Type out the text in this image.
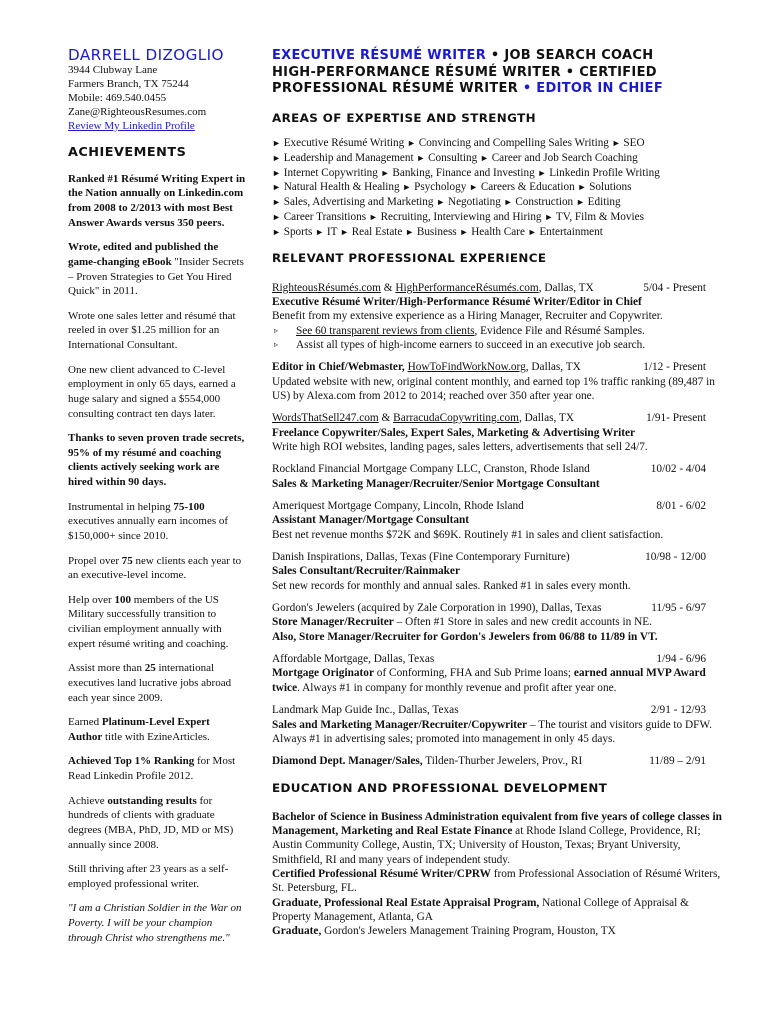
DARRELL DIZOGLIO
3944 Clubway Lane
Farmers Branch, TX 75244
Mobile: 469.540.0455
Zane@RighteousResumes.com
Review My Linkedin Profile
ACHIEVEMENTS

Ranked #1 Résumé Writing Expert in the Nation annually on Linkedin.com from 2008 to 2/2013 with most Best Answer Awards versus 350 peers.

Wrote, edited and published the game-changing eBook "Insider Secrets – Proven Strategies to Get You Hired Quick" in 2011.

Wrote one sales letter and résumé that reeled in over $1.25 million for an International Consultant.

One new client advanced to C-level employment in only 65 days, earned a huge salary and signed a $554,000 consulting contract ten days later.

Thanks to seven proven trade secrets, 95% of my résumé and coaching clients actively seeking work are hired within 90 days.

Instrumental in helping 75-100 executives annually earn incomes of $150,000+ since 2010.

Propel over 75 new clients each year to an executive-level income.

Help over 100 members of the US Military successfully transition to civilian employment annually with expert résumé writing and coaching.

Assist more than 25 international executives land lucrative jobs abroad each year since 2009.

Earned Platinum-Level Expert Author title with EzineArticles.

Achieved Top 1% Ranking for Most Read Linkedin Profile 2012.

Achieve outstanding results for hundreds of clients with graduate degrees (MBA, PhD, JD, MD or MS) annually since 2008.

Still thriving after 23 years as a self-employed professional writer.

"I am a Christian Soldier in the War on Poverty. I will be your champion through Christ who strengthens me."

EXECUTIVE RÉSUMÉ WRITER • JOB SEARCH COACH
HIGH-PERFORMANCE RÉSUMÉ WRITER • CERTIFIED
PROFESSIONAL RÉSUMÉ WRITER • EDITOR IN CHIEF
AREAS OF EXPERTISE AND STRENGTH
► Executive Résumé Writing ► Convincing and Compelling Sales Writing ► SEO
► Leadership and Management ► Consulting ► Career and Job Search Coaching
► Internet Copywriting ► Banking, Finance and Investing ► Linkedin Profile Writing
► Natural Health & Healing ► Psychology ► Careers & Education ► Solutions
► Sales, Advertising and Marketing ► Negotiating ► Construction ► Editing
► Career Transitions ► Recruiting, Interviewing and Hiring ► TV, Film & Movies
► Sports ► IT ► Real Estate ► Business ► Health Care ► Entertainment
RELEVANT PROFESSIONAL EXPERIENCE
RighteousRésumés.com & HighPerformanceRésumés.com, Dallas, TX	5/04 - Present
Executive Résumé Writer/High-Performance Résumé Writer/Editor in Chief
Benefit from my extensive experience as a Hiring Manager, Recruiter and Copywriter.
▹	See 60 transparent reviews from clients, Evidence File and Résumé Samples.
▹	Assist all types of high-income earners to succeed in an executive job search.
Editor in Chief/Webmaster, HowToFindWorkNow.org, Dallas, TX	1/12 - Present
Updated website with new, original content monthly, and earned top 1% traffic ranking (89,487 in US) by Alexa.com from 2012 to 2014; reached over 350 after year one.
WordsThatSell247.com & BarracudaCopywriting.com, Dallas, TX	1/91- Present
Freelance Copywriter/Sales, Expert Sales, Marketing & Advertising Writer
Write high ROI websites, landing pages, sales letters, advertisements that sell 24/7.
Rockland Financial Mortgage Company LLC, Cranston, Rhode Island	10/02 - 4/04
Sales & Marketing Manager/Recruiter/Senior Mortgage Consultant
Ameriquest Mortgage Company, Lincoln, Rhode Island	8/01 - 6/02
Assistant Manager/Mortgage Consultant
Best net revenue months $72K and $69K. Routinely #1 in sales and client satisfaction.
Danish Inspirations, Dallas, Texas (Fine Contemporary Furniture)	10/98 - 12/00
Sales Consultant/Recruiter/Rainmaker
Set new records for monthly and annual sales. Ranked #1 in sales every month.
Gordon's Jewelers (acquired by Zale Corporation in 1990), Dallas, Texas	11/95 - 6/97
Store Manager/Recruiter – Often #1 Store in sales and new credit accounts in NE.
Also, Store Manager/Recruiter for Gordon's Jewelers from 06/88 to 11/89 in VT.
Affordable Mortgage, Dallas, Texas	1/94 - 6/96
Mortgage Originator of Conforming, FHA and Sub Prime loans; earned annual MVP Award twice. Always #1 in company for monthly revenue and profit after year one.
Landmark Map Guide Inc., Dallas, Texas	2/91 - 12/93
Sales and Marketing Manager/Recruiter/Copywriter – The tourist and visitors guide to DFW. Always #1 in advertising sales; promoted into management in only 45 days.
Diamond Dept. Manager/Sales, Tilden-Thurber Jewelers, Prov., RI	11/89 – 2/91
EDUCATION AND PROFESSIONAL DEVELOPMENT

Bachelor of Science in Business Administration equivalent from five years of college classes in Management, Marketing and Real Estate Finance at Rhode Island College, Providence, RI; Austin Community College, Austin, TX; University of Houston, Texas; Bryant University, Smithfield, RI and many years of independent study.

Certified Professional Résumé Writer/CPRW from Professional Association of Résumé Writers, St. Petersburg, FL.

Graduate, Professional Real Estate Appraisal Program, National College of Appraisal & Property Management, Atlanta, GA

Graduate, Gordon's Jewelers Management Training Program, Houston, TX
